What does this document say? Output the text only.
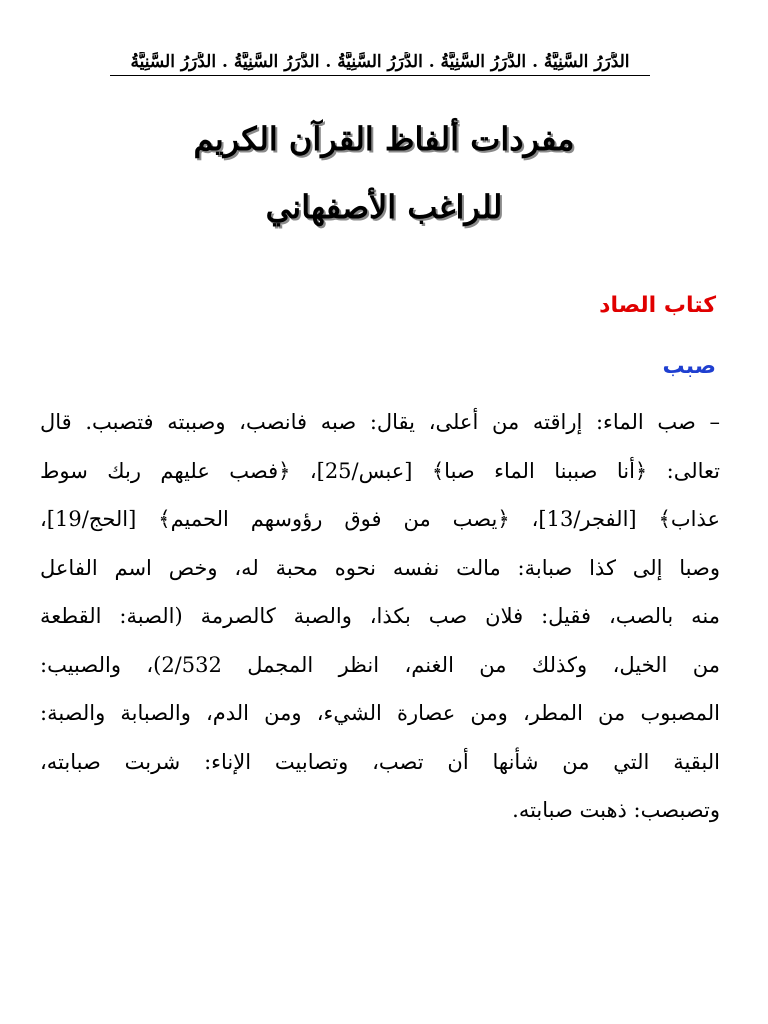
الدُّرَرُ السَّنِيَّةُ . الدُّرَرُ السَّنِيَّةُ . الدُّرَرُ السَّنِيَّةُ . الدُّرَرُ السَّنِيَّةُ . الدُّرَرُ السَّنِيَّةُ
مفردات ألفاظ القرآن الكريم
للراغب الأصفهاني
كتاب الصاد
صبب
– صب الماء: إراقته من أعلى، يقال: صبه فانصب، وصببته فتصبب. قال
تعالى: ﴿أنا صببنا الماء صبا﴾ [عبس/25]، ﴿فصب عليهم ربك سوط
عذاب﴾ [الفجر/13]، ﴿يصب من فوق رؤوسهم الحميم﴾ [الحج/19]،
وصبا إلى كذا صبابة: مالت نفسه نحوه محبة له، وخص اسم الفاعل
منه بالصب، فقيل: فلان صب بكذا، والصبة كالصرمة (الصبة: القطعة
من الخيل، وكذلك من الغنم، انظر المجمل 2/532)، والصبيب:
المصبوب من المطر، ومن عصارة الشيء، ومن الدم، والصبابة والصبة:
البقية التي من شأنها أن تصب، وتصابيت الإناء: شربت صبابته،
وتصبصب: ذهبت صبابته.
